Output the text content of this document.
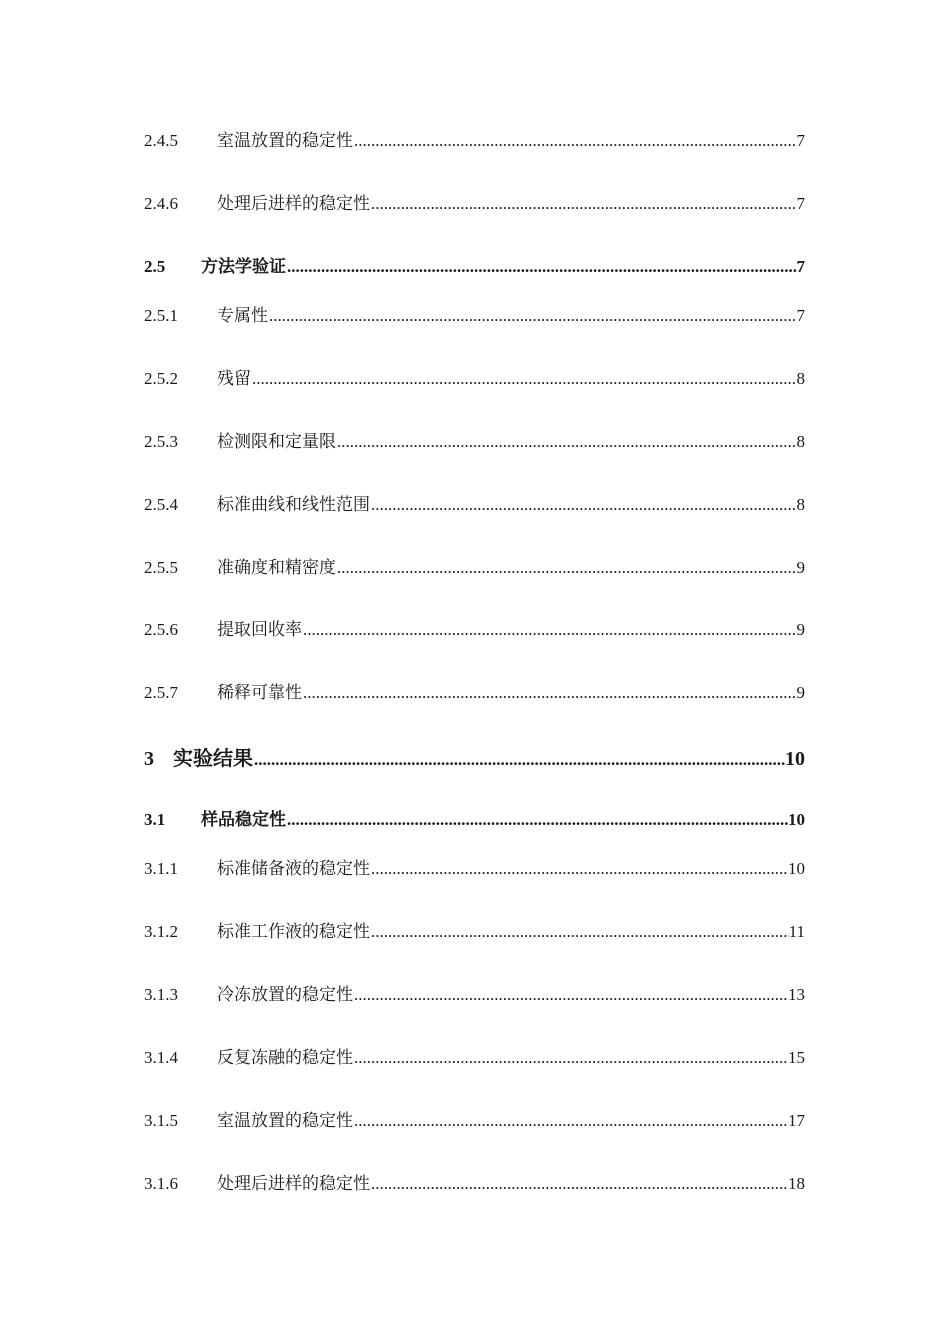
2.4.5	室温放置的稳定性 .....	7
2.4.6	处理后进样的稳定性 .....	7
2.5	方法学验证 .....	7
2.5.1	专属性 .....	7
2.5.2	残留 .....	8
2.5.3	检测限和定量限 .....	8
2.5.4	标准曲线和线性范围 .....	8
2.5.5	准确度和精密度 .....	9
2.5.6	提取回收率 .....	9
2.5.7	稀释可靠性 .....	9
3 实验结果 .....	10
3.1	样品稳定性 .....	10
3.1.1	标准储备液的稳定性 .....	10
3.1.2	标准工作液的稳定性 .....	11
3.1.3	冷冻放置的稳定性 .....	13
3.1.4	反复冻融的稳定性 .....	15
3.1.5	室温放置的稳定性 .....	17
3.1.6	处理后进样的稳定性 .....	18
